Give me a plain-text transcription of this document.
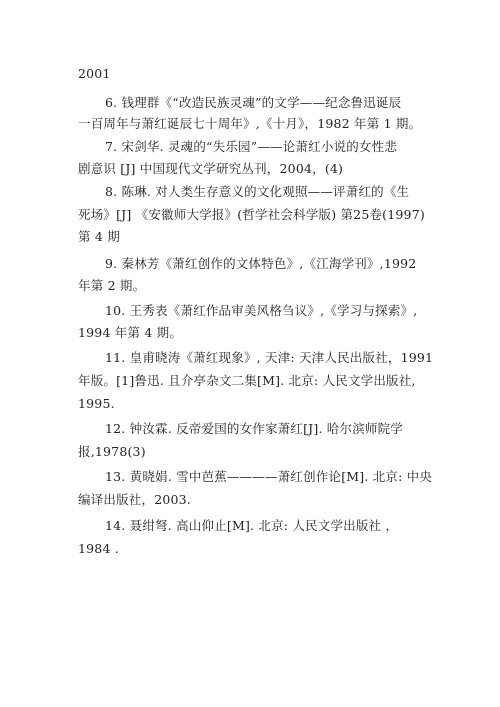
2001
6. 钱理群《“改造民族灵魂”的文学——纪念鲁迅诞辰
一百周年与萧红诞辰七十周年》,《十月》，1982 年第 1 期。
7. 宋剑华. 灵魂的“失乐园”——论萧红小说的女性悲
剧意识 [J] 中国现代文学研究丛刊，2004，(4)
8. 陈琳. 对人类生存意义的文化观照——评萧红的《生
死场》[J] 《安徽师大学报》(哲学社会科学版) 第25卷(1997)
第 4 期
9. 秦林芳《萧红创作的文体特色》,《江海学刊》,1992
年第 2 期。
10. 王秀表《萧红作品审美风格刍议》,《学习与探索》,
1994 年第 4 期。
11. 皇甫晓涛《萧红现象》, 天津: 天津人民出版社，1991
年版。[1]鲁迅. 且介亭杂文二集[M]. 北京: 人民文学出版社,
1995.
12. 钟汝霖. 反帝爱国的女作家萧红[J]. 哈尔滨师院学
报,1978(3)
13. 黄晓娟. 雪中芭蕉————萧红创作论[M]. 北京: 中央
编译出版社，2003.
14. 聂绀弩. 高山仰止[M]. 北京: 人民文学出版社 ，
1984 .
